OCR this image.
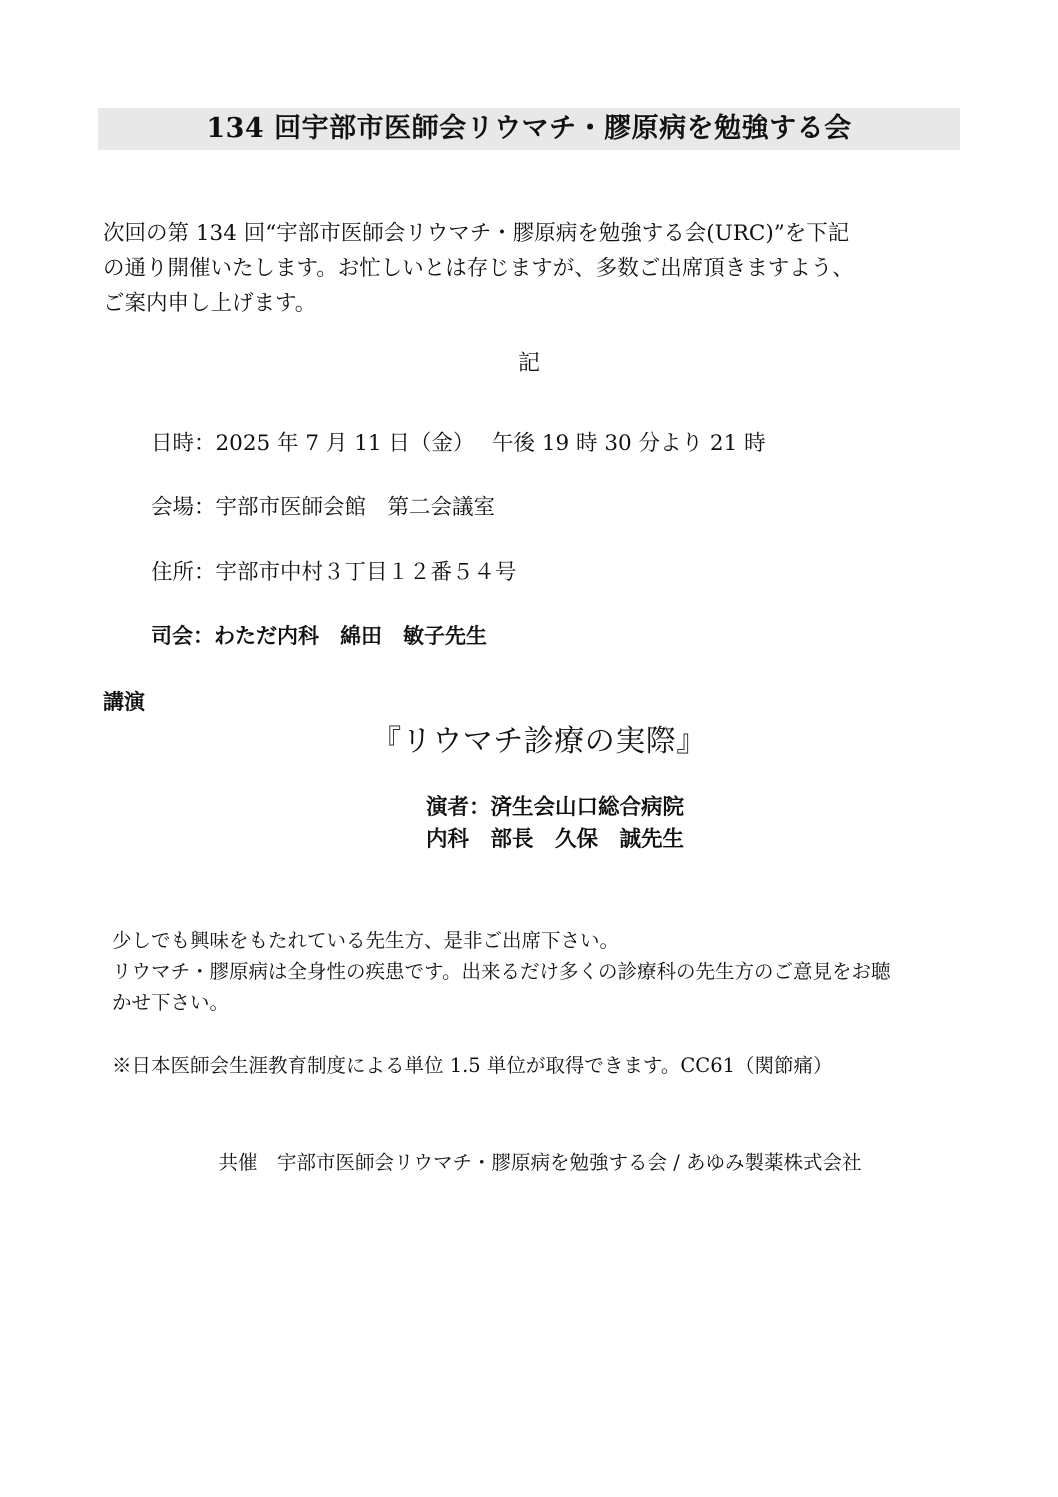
134 回宇部市医師会リウマチ・膠原病を勉強する会
次回の第 134 回“宇部市医師会リウマチ・膠原病を勉強する会(URC)”を下記
の通り開催いたします。お忙しいとは存じますが、多数ご出席頂きますよう、
ご案内申し上げます。
記
日時：2025 年 7 月 11 日（金）　 午後 19 時 30 分より 21 時
会場：宇部市医師会館　第二会議室
住所：宇部市中村３丁目１２番５４号
司会：わただ内科　綿田　敏子先生
講演
『リウマチ診療の実際』
演者：済生会山口総合病院
内科　部長　久保　誠先生
少しでも興味をもたれている先生方、是非ご出席下さい。
リウマチ・膠原病は全身性の疾患です。出来るだけ多くの診療科の先生方のご意見をお聴
かせ下さい。
※日本医師会生涯教育制度による単位 1.5 単位が取得できます。CC61（関節痛）
共催　宇部市医師会リウマチ・膠原病を勉強する会 / あゆみ製薬株式会社
